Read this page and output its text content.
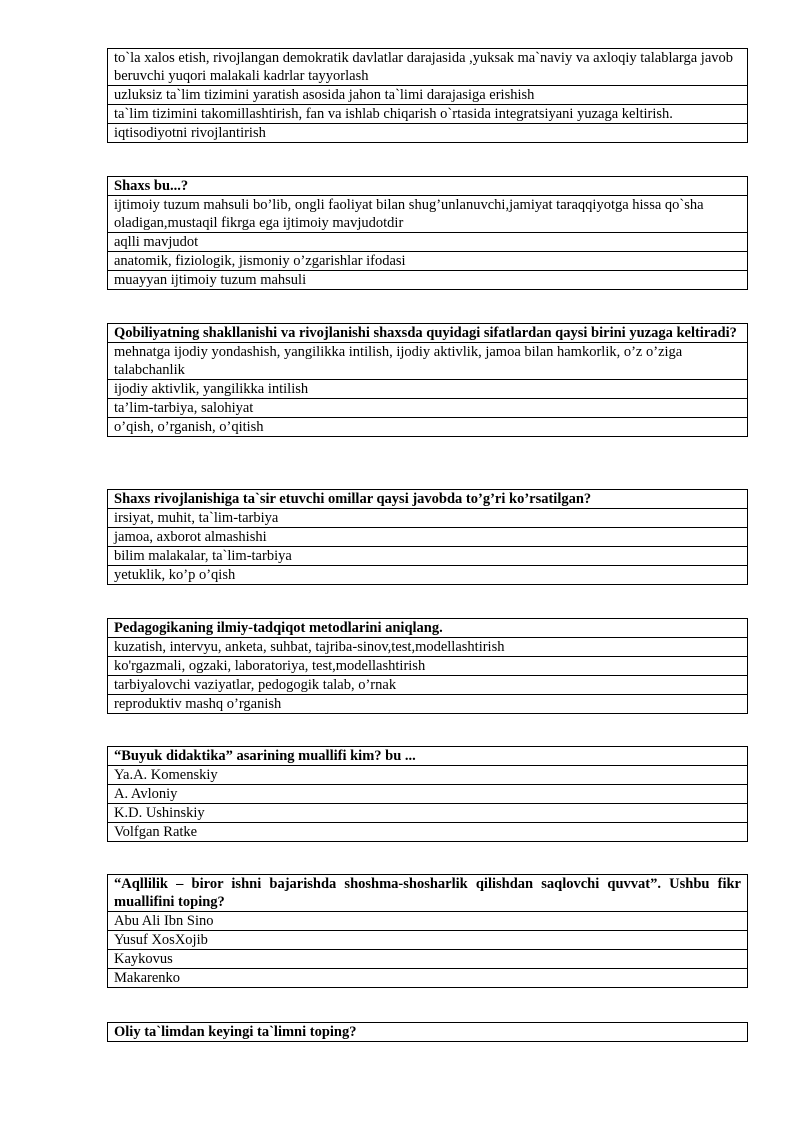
to`la xalos etish, rivojlangan demokratik davlatlar darajasida ,yuksak ma`naviy va axloqiy talablarga javob beruvchi yuqori malakali kadrlar tayyorlash
uzluksiz ta`lim tizimini yaratish asosida jahon ta`limi darajasiga erishish
ta`lim tizimini takomillashtirish, fan va ishlab chiqarish o`rtasida integratsiyani yuzaga keltirish.
iqtisodiyotni rivojlantirish
Shaxs bu...?
ijtimoiy tuzum mahsuli bo’lib, ongli faoliyat bilan shug’unlanuvchi,jamiyat taraqqiyotga hissa qo`sha oladigan,mustaqil fikrga ega ijtimoiy mavjudotdir
aqlli mavjudot
anatomik, fiziologik, jismoniy o’zgarishlar ifodasi
muayyan ijtimoiy tuzum mahsuli
Qobiliyatning shakllanishi va rivojlanishi shaxsda quyidagi sifatlardan qaysi birini yuzaga keltiradi?
mehnatga ijodiy yondashish, yangilikka intilish, ijodiy aktivlik, jamoa bilan hamkorlik, o’z o’ziga talabchanlik
ijodiy aktivlik, yangilikka intilish
ta’lim-tarbiya, salohiyat
o’qish, o’rganish, o’qitish
Shaxs rivojlanishiga ta`sir etuvchi omillar qaysi javobda to’g’ri ko’rsatilgan?
irsiyat, muhit, ta`lim-tarbiya
jamoa, axborot almashishi
bilim malakalar, ta`lim-tarbiya
yetuklik, ko’p o’qish
Pedagogikaning ilmiy-tadqiqot metodlarini aniqlang.
kuzatish, intervyu, anketa, suhbat, tajriba-sinov,test,modellashtirish
ko'rgazmali, ogzaki, laboratoriya, test,modellashtirish
tarbiyalovchi vaziyatlar, pedogogik talab, o’rnak
reproduktiv mashq o’rganish
“Buyuk didaktika” asarining muallifi kim? bu ...
Ya.A. Komenskiy
A. Avloniy
K.D. Ushinskiy
Volfgan Ratke
“Aqllilik – biror ishni bajarishda shoshma-shosharlik qilishdan saqlovchi quvvat”. Ushbu fikr muallifini toping?
Abu Ali Ibn Sino
Yusuf XosXojib
Kaykovus
Makarenko
Oliy ta`limdan keyingi ta`limni toping?
